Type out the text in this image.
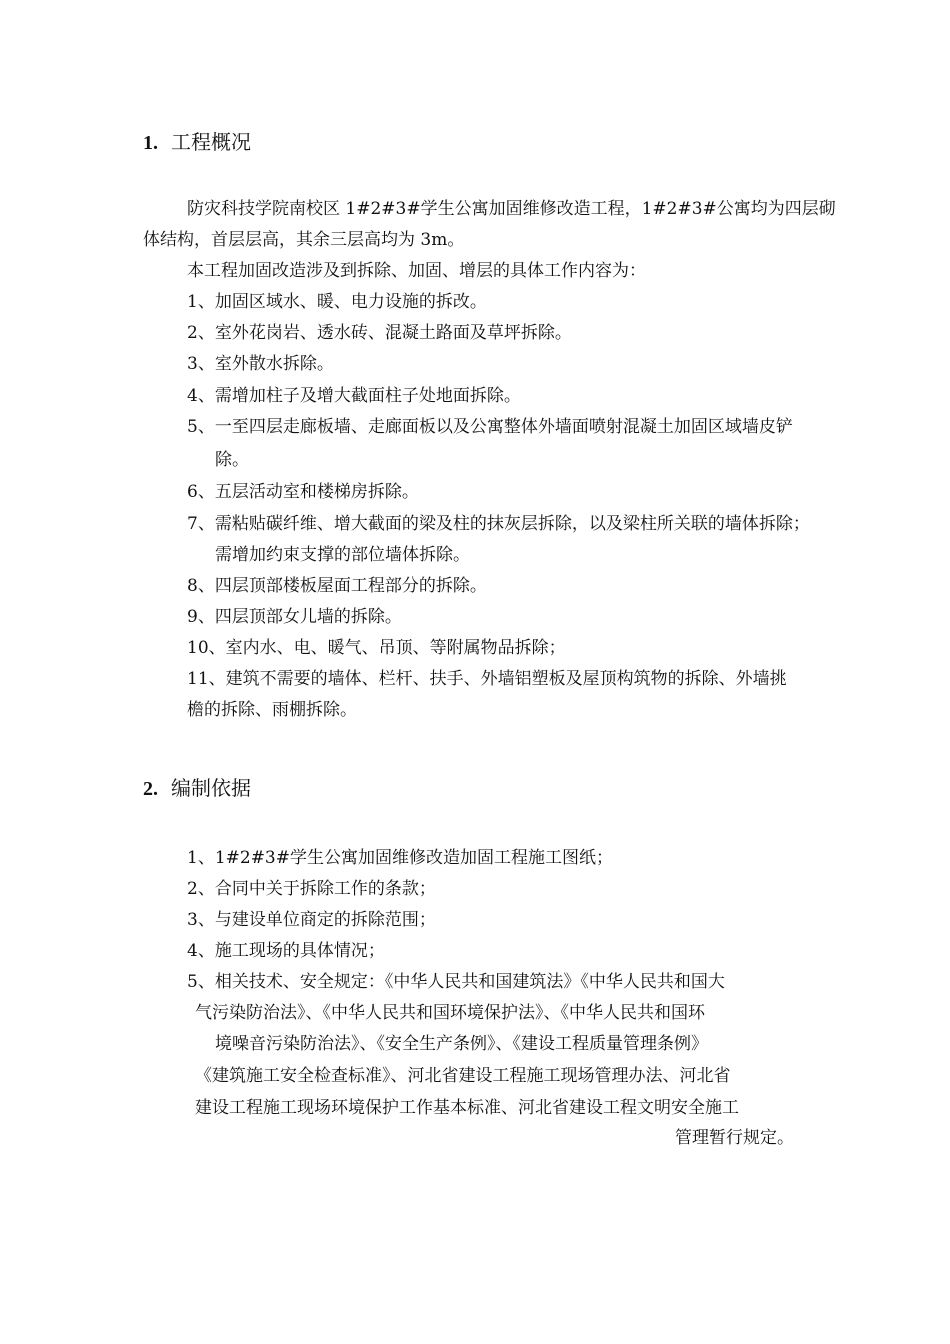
1. 工程概况
防灾科技学院南校区 1#2#3#学生公寓加固维修改造工程，1#2#3#公寓均为四层砌
体结构，首层层高，其余三层高均为 3m。
本工程加固改造涉及到拆除、加固、增层的具体工作内容为：
1、加固区域水、暖、电力设施的拆改。
2、室外花岗岩、透水砖、混凝土路面及草坪拆除。
3、室外散水拆除。
4、需增加柱子及增大截面柱子处地面拆除。
5、一至四层走廊板墙、走廊面板以及公寓整体外墙面喷射混凝土加固区域墙皮铲
除。
6、五层活动室和楼梯房拆除。
7、需粘贴碳纤维、增大截面的梁及柱的抹灰层拆除，以及梁柱所关联的墙体拆除；
需增加约束支撑的部位墙体拆除。
8、四层顶部楼板屋面工程部分的拆除。
9、四层顶部女儿墙的拆除。
10、室内水、电、暖气、吊顶、等附属物品拆除；
11、建筑不需要的墙体、栏杆、扶手、外墙铝塑板及屋顶构筑物的拆除、外墙挑
檐的拆除、雨棚拆除。
2. 编制依据
1、1#2#3#学生公寓加固维修改造加固工程施工图纸；
2、合同中关于拆除工作的条款；
3、与建设单位商定的拆除范围；
4、施工现场的具体情况；
5、相关技术、安全规定：《中华人民共和国建筑法》《中华人民共和国大
气污染防治法》、《中华人民共和国环境保护法》、《中华人民共和国环
境噪音污染防治法》、《安全生产条例》、《建设工程质量管理条例》
《建筑施工安全检查标准》、河北省建设工程施工现场管理办法、河北省
建设工程施工现场环境保护工作基本标准、河北省建设工程文明安全施工
管理暂行规定。
